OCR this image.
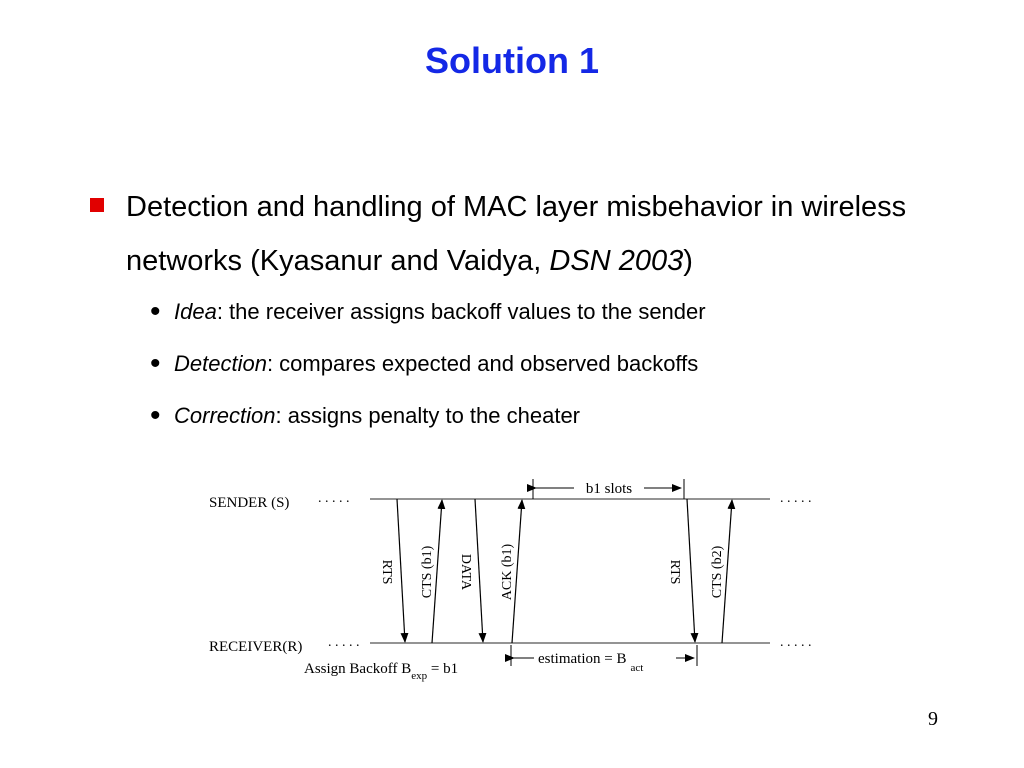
Solution 1
Detection and handling of MAC layer misbehavior in wireless networks (Kyasanur and Vaidya, DSN 2003)
• Idea: the receiver assigns backoff values to the sender
• Detection: compares expected and observed backoffs
• Correction: assigns penalty to the cheater
SENDER (S)
RECEIVER(R)
. . . . .	. . . . .
. . . . .	. . . . .
b1 slots
RTS CTS (b1) DATA ACK (b1)	RTS CTS (b2)
estimation = $B_{act}$
Assign Backoff $B_{exp} = b1$
9
